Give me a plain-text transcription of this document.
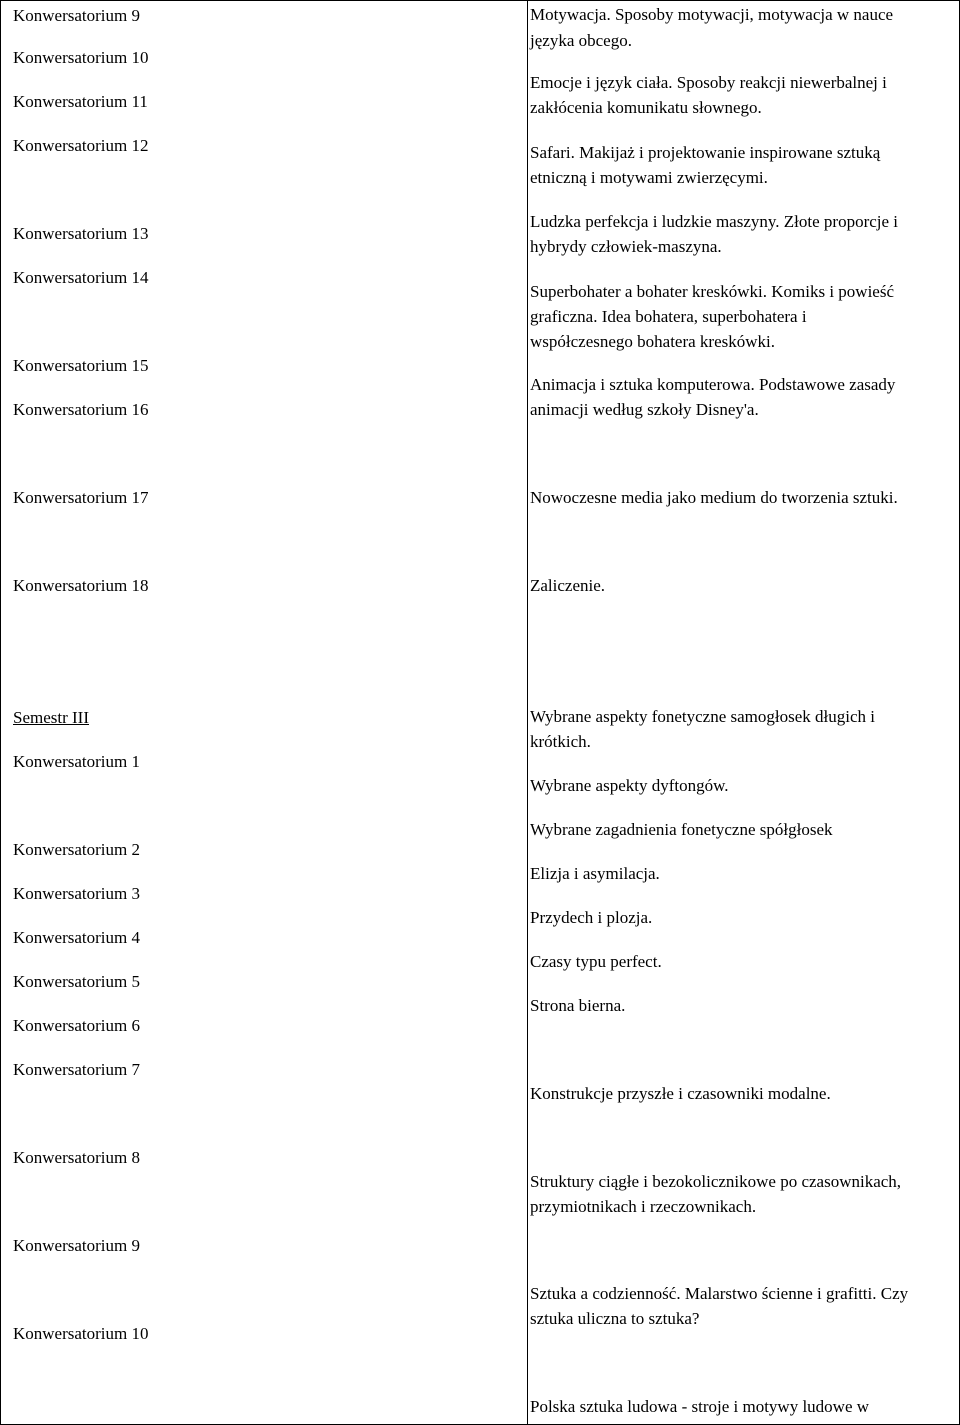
Konwersatorium 9
Konwersatorium 10
Konwersatorium 11
Konwersatorium 12
Konwersatorium 13
Konwersatorium 14
Konwersatorium 15
Konwersatorium 16
Konwersatorium 17
Konwersatorium 18
Semestr III
Konwersatorium 1
Konwersatorium 2
Konwersatorium 3
Konwersatorium 4
Konwersatorium 5
Konwersatorium 6
Konwersatorium 7
Konwersatorium 8
Konwersatorium 9
Konwersatorium 10
Motywacja. Sposoby motywacji, motywacja w nauce
języka obcego.
Emocje i język ciała. Sposoby reakcji niewerbalnej i
zakłócenia komunikatu słownego.
Safari. Makijaż i projektowanie inspirowane sztuką
etniczną i motywami zwierzęcymi.
Ludzka perfekcja i ludzkie maszyny. Złote proporcje i
hybrydy człowiek-maszyna.
Superbohater a bohater kreskówki. Komiks i powieść
graficzna. Idea bohatera, superbohatera i
współczesnego bohatera kreskówki.
Animacja i sztuka komputerowa. Podstawowe zasady
animacji według szkoły Disney'a.
Nowoczesne media jako medium do tworzenia sztuki.
Zaliczenie.
Wybrane aspekty fonetyczne samogłosek długich i
krótkich.
Wybrane aspekty dyftongów.
Wybrane zagadnienia fonetyczne spółgłosek
Elizja i asymilacja.
Przydech i plozja.
Czasy typu perfect.
Strona bierna.
Konstrukcje przyszłe i czasowniki modalne.
Struktury ciągłe i bezokolicznikowe po czasownikach,
przymiotnikach i rzeczownikach.
Sztuka a codzienność. Malarstwo ścienne i grafitti. Czy
sztuka uliczna to sztuka?
Polska sztuka ludowa - stroje i motywy ludowe w
